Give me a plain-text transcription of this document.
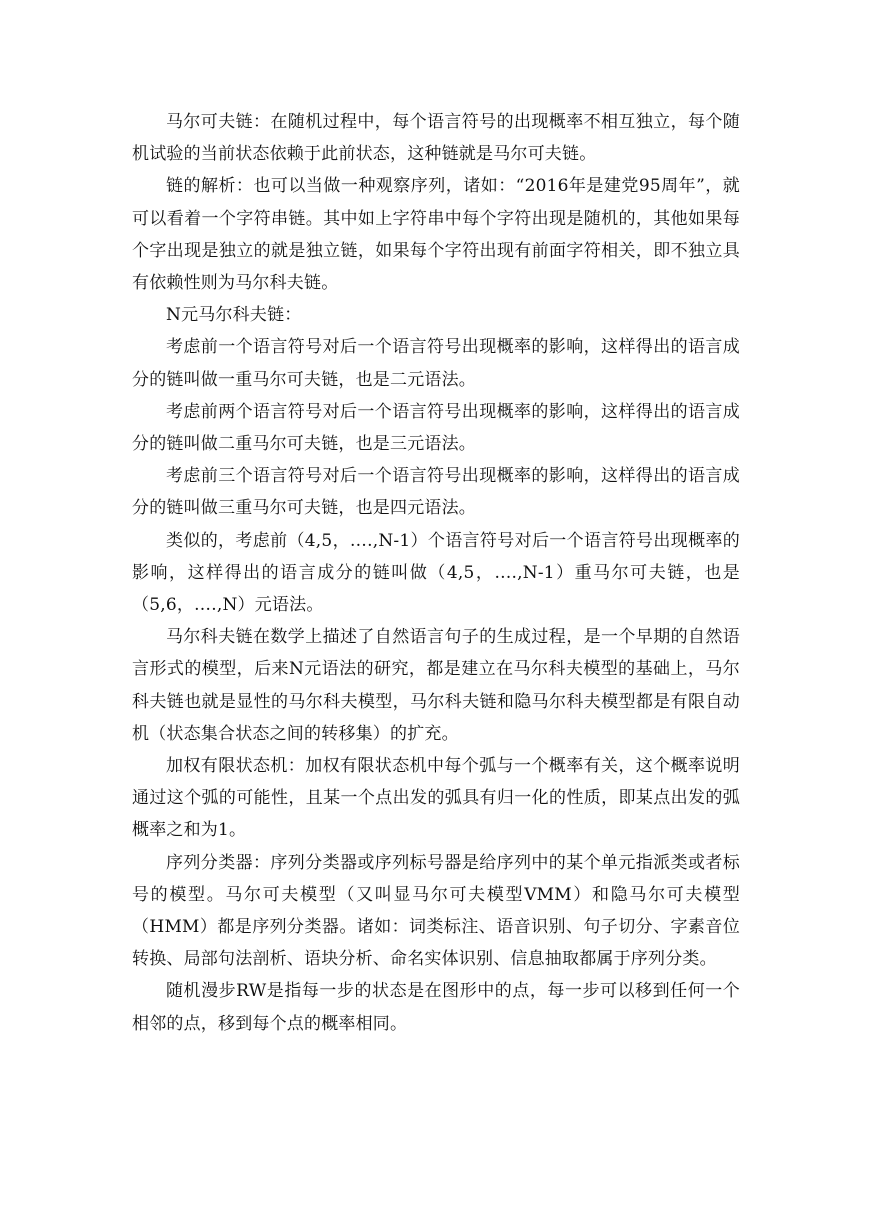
马尔可夫链：在随机过程中，每个语言符号的出现概率不相互独立，每个随机试验的当前状态依赖于此前状态，这种链就是马尔可夫链。

链的解析：也可以当做一种观察序列，诸如：“2016年是建党95周年”，就可以看着一个字符串链。其中如上字符串中每个字符出现是随机的，其他如果每个字出现是独立的就是独立链，如果每个字符出现有前面字符相关，即不独立具有依赖性则为马尔科夫链。

N元马尔科夫链：

考虑前一个语言符号对后一个语言符号出现概率的影响，这样得出的语言成分的链叫做一重马尔可夫链，也是二元语法。

考虑前两个语言符号对后一个语言符号出现概率的影响，这样得出的语言成分的链叫做二重马尔可夫链，也是三元语法。

考虑前三个语言符号对后一个语言符号出现概率的影响，这样得出的语言成分的链叫做三重马尔可夫链，也是四元语法。

类似的，考虑前（4,5，….,N-1）个语言符号对后一个语言符号出现概率的影响，这样得出的语言成分的链叫做（4,5，….,N-1）重马尔可夫链，也是（5,6，….,N）元语法。

马尔科夫链在数学上描述了自然语言句子的生成过程，是一个早期的自然语言形式的模型，后来N元语法的研究，都是建立在马尔科夫模型的基础上，马尔科夫链也就是显性的马尔科夫模型，马尔科夫链和隐马尔科夫模型都是有限自动机（状态集合状态之间的转移集）的扩充。

加权有限状态机：加权有限状态机中每个弧与一个概率有关，这个概率说明通过这个弧的可能性，且某一个点出发的弧具有归一化的性质，即某点出发的弧概率之和为1。

序列分类器：序列分类器或序列标号器是给序列中的某个单元指派类或者标号的模型。马尔可夫模型（又叫显马尔可夫模型VMM）和隐马尔可夫模型（HMM）都是序列分类器。诸如：词类标注、语音识别、句子切分、字素音位转换、局部句法剖析、语块分析、命名实体识别、信息抽取都属于序列分类。

随机漫步RW是指每一步的状态是在图形中的点，每一步可以移到任何一个相邻的点，移到每个点的概率相同。
